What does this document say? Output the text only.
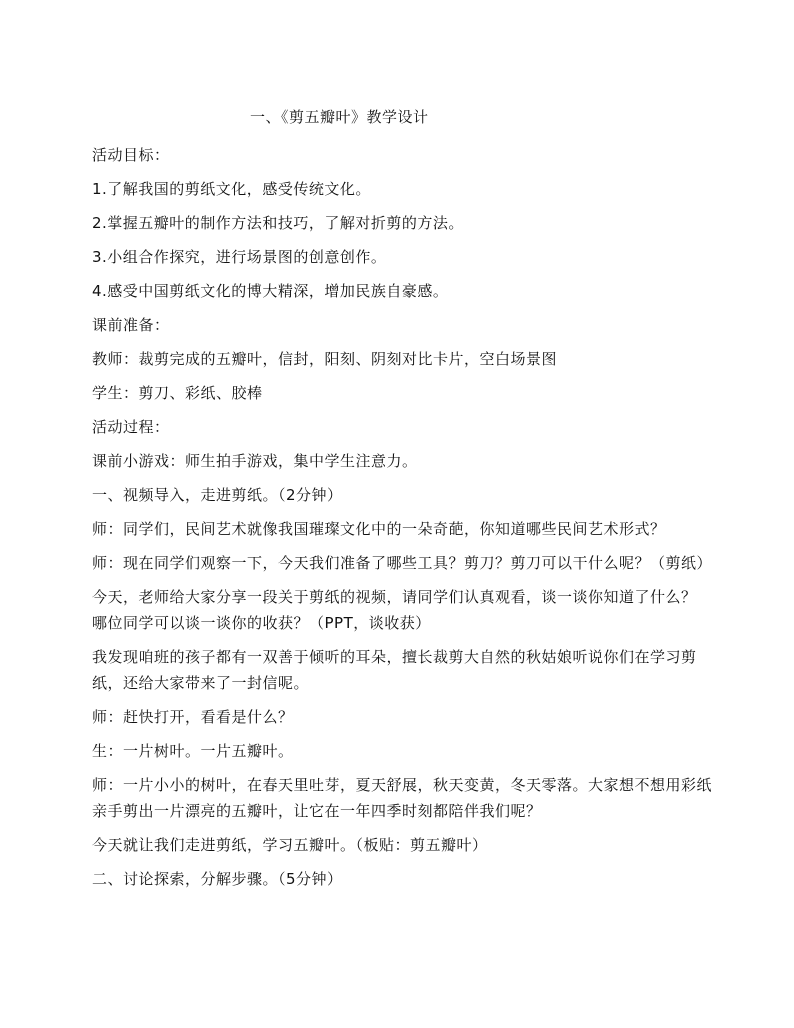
一、《剪五瓣叶》教学设计
活动目标：
1.了解我国的剪纸文化，感受传统文化。
2.掌握五瓣叶的制作方法和技巧，了解对折剪的方法。
3.小组合作探究，进行场景图的创意创作。
4.感受中国剪纸文化的博大精深，增加民族自豪感。
课前准备：
教师：裁剪完成的五瓣叶，信封，阳刻、阴刻对比卡片，空白场景图
学生：剪刀、彩纸、胶棒
活动过程：
课前小游戏：师生拍手游戏，集中学生注意力。
一、视频导入，走进剪纸。（2分钟）
师：同学们，民间艺术就像我国璀璨文化中的一朵奇葩，你知道哪些民间艺术形式？
师：现在同学们观察一下，今天我们准备了哪些工具？剪刀？剪刀可以干什么呢？（剪纸）
今天，老师给大家分享一段关于剪纸的视频，请同学们认真观看，谈一谈你知道了什么？
哪位同学可以谈一谈你的收获？（PPT，谈收获）
我发现咱班的孩子都有一双善于倾听的耳朵，擅长裁剪大自然的秋姑娘听说你们在学习剪纸，还给大家带来了一封信呢。
师：赶快打开，看看是什么？
生：一片树叶。一片五瓣叶。
师：一片小小的树叶，在春天里吐芽，夏天舒展，秋天变黄，冬天零落。大家想不想用彩纸亲手剪出一片漂亮的五瓣叶，让它在一年四季时刻都陪伴我们呢？
今天就让我们走进剪纸，学习五瓣叶。（板贴：剪五瓣叶）
二、讨论探索，分解步骤。（5分钟）
